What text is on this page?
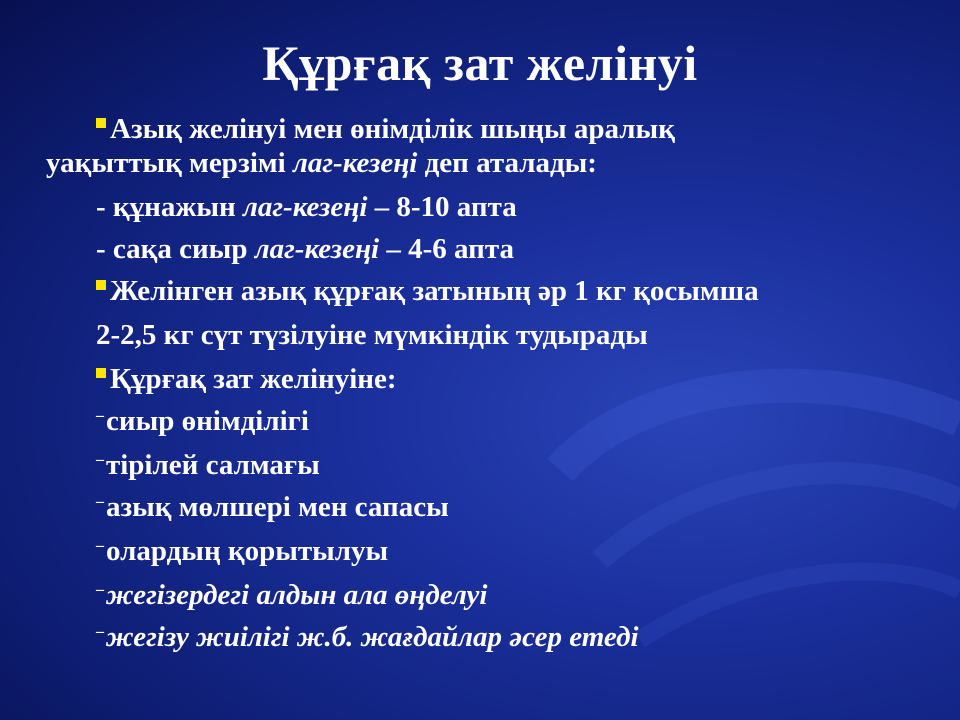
Құрғақ зат желінуі
Азық желінуі мен өнімділік шыңы аралық
уақыттық мерзімі лаг-кезеңі деп аталады:
- құнажын лаг-кезеңі – 8-10 апта
- сақа сиыр лаг-кезеңі – 4-6 апта
Желінген азық құрғақ затының әр 1 кг қосымша
2-2,5 кг сүт түзілуіне мүмкіндік тудырады
Құрғақ зат желінуіне:
–сиыр өнімділігі
–тірілей салмағы
–азық мөлшері мен сапасы
–олардың қорытылуы
–жегізердегі алдын ала өңделуі
–жегізу жиілігі ж.б. жағдайлар әсер етеді
